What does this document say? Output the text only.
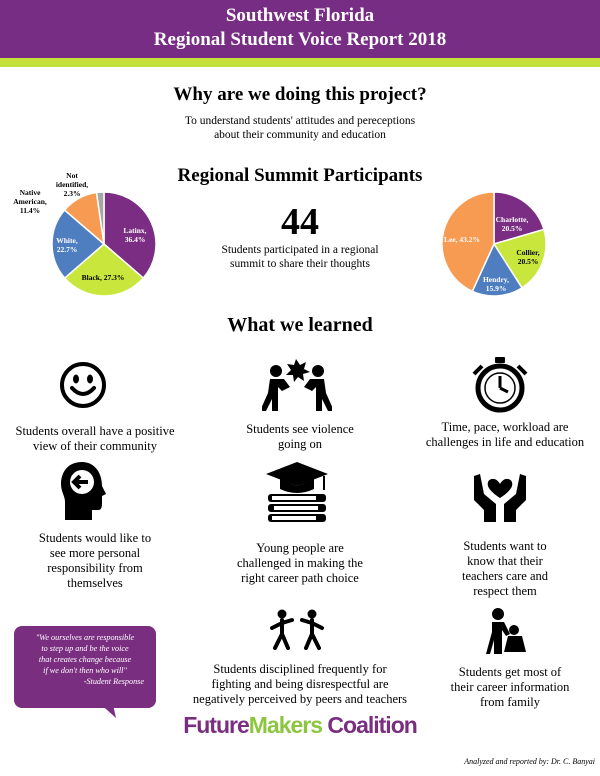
Southwest Florida
Regional Student Voice Report 2018
Why are we doing this project?
To understand students' attitudes and pereceptions
about their community and education
Regional Summit Participants
Latinx, 36.4%
Black, 27.3%
White, 22.7%
Native American, 11.4%
Not identified, 2.3%
Charlotte, 20.5%
Collier, 20.5%
Hendry, 15.9%
Lee, 43.2%
44
Students participated in a regional
summit to share their thoughts
What we learned
Students overall have a positive
view of their community
Students see violence
going on
Time, pace, workload are
challenges in life and education
Students would like to
see more personal
responsibility from
themselves
Young people are
challenged in making the
right career path choice
Students want to
know that their
teachers care and
respect them
Students disciplined frequently for
fighting and being disrespectful are
negatively perceived by peers and teachers
Students get most of
their career information
from family
"We ourselves are responsible
to step up and be the voice
that creates change because
if we don't then who will"
-Student Response
FutureMakers Coalition
Analyzed and reported by: Dr. C. Banyai
